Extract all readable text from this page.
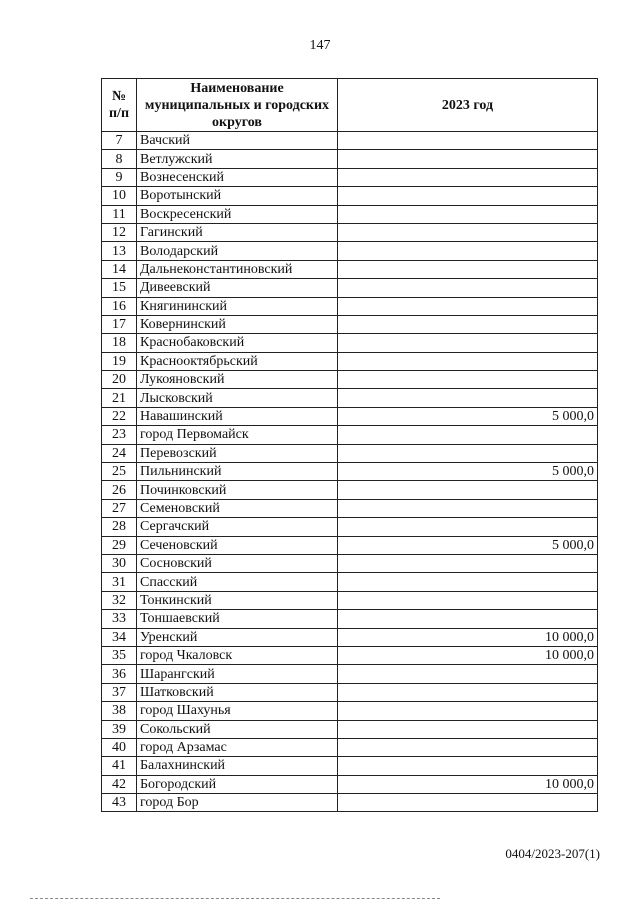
147
№ п/п	Наименование муниципальных и городских округов	2023 год
7	Вачский	
8	Ветлужский	
9	Вознесенский	
10	Воротынский	
11	Воскресенский	
12	Гагинский	
13	Володарский	
14	Дальнеконстантиновский	
15	Дивеевский	
16	Княгининский	
17	Ковернинский	
18	Краснобаковский	
19	Краснооктябрьский	
20	Лукояновский	
21	Лысковский	
22	Навашинский	5 000,0
23	город Первомайск	
24	Перевозский	
25	Пильнинский	5 000,0
26	Починковский	
27	Семеновский	
28	Сергачский	
29	Сеченовский	5 000,0
30	Сосновский	
31	Спасский	
32	Тонкинский	
33	Тоншаевский	
34	Уренский	10 000,0
35	город Чкаловск	10 000,0
36	Шарангский	
37	Шатковский	
38	город Шахунья	
39	Сокольский	
40	город Арзамас	
41	Балахнинский	
42	Богородский	10 000,0
43	город Бор	
0404/2023-207(1)
